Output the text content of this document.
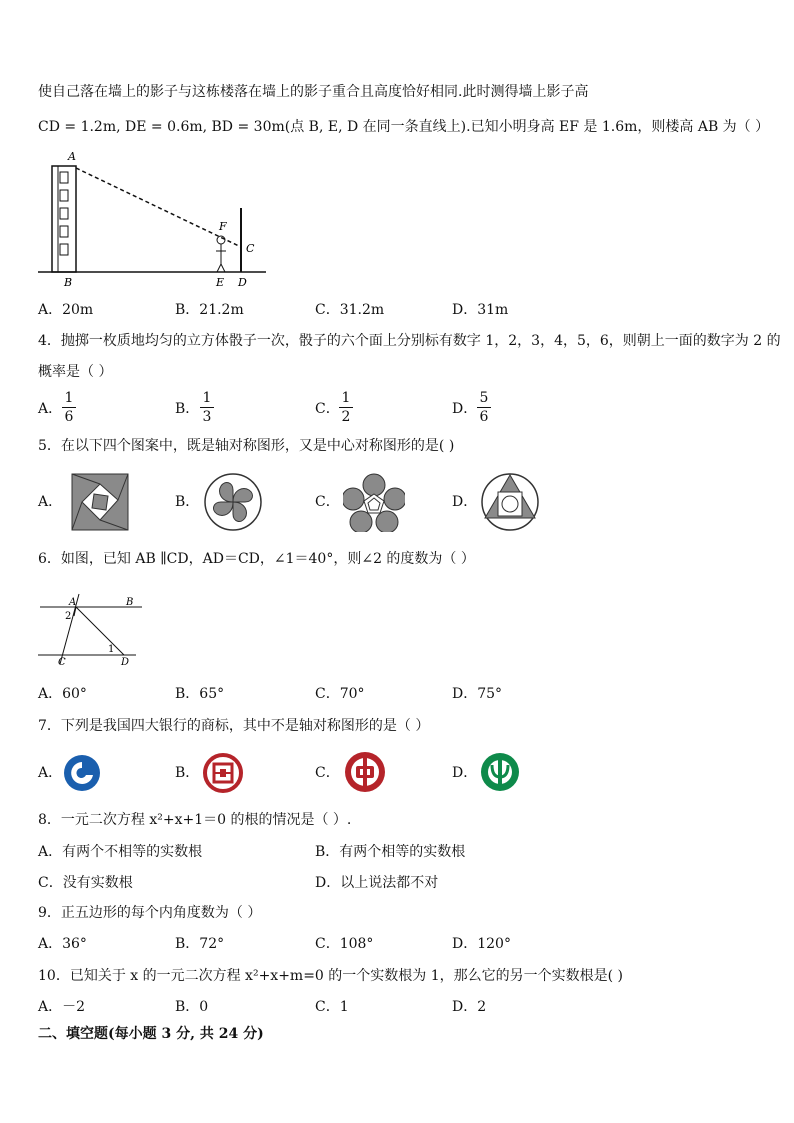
使自己落在墙上的影子与这栋楼落在墙上的影子重合且高度恰好相同.此时测得墙上影子高
CD = 1.2m, DE = 0.6m, BD = 30m(点 B, E, D 在同一条直线上).已知小明身高 EF 是 1.6m，则楼高 AB 为（ ）
A
B
C
D
E
F
A．20m	B．21.2m	C．31.2m	D．31m
4．抛掷一枚质地均匀的立方体骰子一次，骰子的六个面上分别标有数字 1，2，3，4，5，6，则朝上一面的数字为 2 的
概率是（ ）
A．
1
6	B．
1
3	C．
1
2	D．
5
6
5．在以下四个图案中，既是轴对称图形，又是中心对称图形的是( )
A．	B．	C．	D．
6．如图，已知 AB ∥CD，AD＝CD，∠1＝40°，则∠2 的度数为（ ）
A	B
C	D
1
2
A．60°	B．65°	C．70°	D．75°
7．下列是我国四大银行的商标，其中不是轴对称图形的是（ ）
A．	B．	C．	D．
8．一元二次方程 x²+x+1＝0 的根的情况是（ ）.
A．有两个不相等的实数根	B．有两个相等的实数根
C．没有实数根	D．以上说法都不对
9．正五边形的每个内角度数为（ ）
A．36°	B．72°	C．108°	D．120°
10．已知关于 x 的一元二次方程 x²+x+m=0 的一个实数根为 1，那么它的另一个实数根是( )
A．－2	B．0	C．1	D．2
二、填空题(每小题 3 分, 共 24 分)
